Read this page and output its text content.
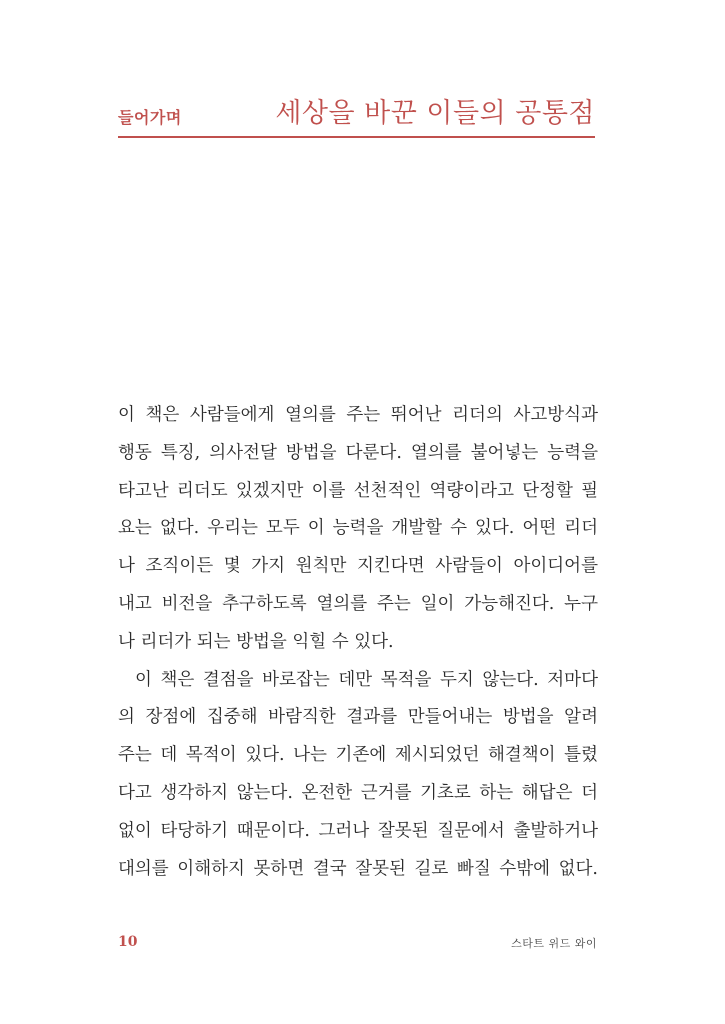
들어가며	세상을 바꾼 이들의 공통점

이 책은 사람들에게 열의를 주는 뛰어난 리더의 사고방식과
행동 특징, 의사전달 방법을 다룬다. 열의를 불어넣는 능력을
타고난 리더도 있겠지만 이를 선천적인 역량이라고 단정할 필
요는 없다. 우리는 모두 이 능력을 개발할 수 있다. 어떤 리더
나 조직이든 몇 가지 원칙만 지킨다면 사람들이 아이디어를
내고 비전을 추구하도록 열의를 주는 일이 가능해진다. 누구
나 리더가 되는 방법을 익힐 수 있다.

이 책은 결점을 바로잡는 데만 목적을 두지 않는다. 저마다
의 장점에 집중해 바람직한 결과를 만들어내는 방법을 알려
주는 데 목적이 있다. 나는 기존에 제시되었던 해결책이 틀렸
다고 생각하지 않는다. 온전한 근거를 기초로 하는 해답은 더
없이 타당하기 때문이다. 그러나 잘못된 질문에서 출발하거나
대의를 이해하지 못하면 결국 잘못된 길로 빠질 수밖에 없다.

10	스타트 위드 와이
